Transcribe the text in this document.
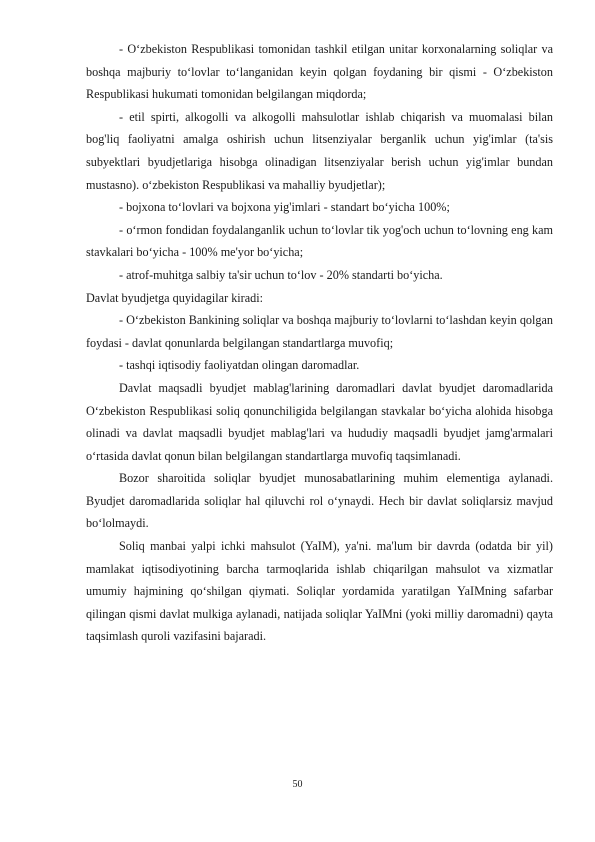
- O‘zbekiston Respublikasi tomonidan tashkil etilgan unitar korxonalarning soliqlar va boshqa majburiy to‘lovlar to‘langanidan keyin qolgan foydaning bir qismi - O‘zbekiston Respublikasi hukumati tomonidan belgilangan miqdorda;

- etil spirti, alkogolli va alkogolli mahsulotlar ishlab chiqarish va muomalasi bilan bog'liq faoliyatni amalga oshirish uchun litsenziyalar berganlik uchun yig'imlar (ta'sis subyektlari byudjetlariga hisobga olinadigan litsenziyalar berish uchun yig'imlar bundan mustasno). o‘zbekiston Respublikasi va mahalliy byudjetlar);

- bojxona to‘lovlari va bojxona yig'imlari - standart bo‘yicha 100%;

- o‘rmon fondidan foydalanganlik uchun to‘lovlar tik yog'och uchun to‘lovning eng kam stavkalari bo‘yicha - 100% me'yor bo‘yicha;

- atrof-muhitga salbiy ta'sir uchun to‘lov - 20% standarti bo‘yicha.

Davlat byudjetga quyidagilar kiradi:

- O‘zbekiston Bankining soliqlar va boshqa majburiy to‘lovlarni to‘lashdan keyin qolgan foydasi - davlat qonunlarda belgilangan standartlarga muvofiq;

- tashqi iqtisodiy faoliyatdan olingan daromadlar.

Davlat maqsadli byudjet mablag'larining daromadlari davlat byudjet daromadlarida O‘zbekiston Respublikasi soliq qonunchiligida belgilangan stavkalar bo‘yicha alohida hisobga olinadi va davlat maqsadli byudjet mablag'lari va hududiy maqsadli byudjet jamg'armalari o‘rtasida davlat qonun bilan belgilangan standartlarga muvofiq taqsimlanadi.

Bozor sharoitida soliqlar byudjet munosabatlarining muhim elementiga aylanadi. Byudjet daromadlarida soliqlar hal qiluvchi rol o‘ynaydi. Hech bir davlat soliqlarsiz mavjud bo‘lolmaydi.

Soliq manbai yalpi ichki mahsulot (YaIM), ya'ni. ma'lum bir davrda (odatda bir yil) mamlakat iqtisodiyotining barcha tarmoqlarida ishlab chiqarilgan mahsulot va xizmatlar umumiy hajmining qo‘shilgan qiymati. Soliqlar yordamida yaratilgan YaIMning safarbar qilingan qismi davlat mulkiga aylanadi, natijada soliqlar YaIMni (yoki milliy daromadni) qayta taqsimlash quroli vazifasini bajaradi.

50
